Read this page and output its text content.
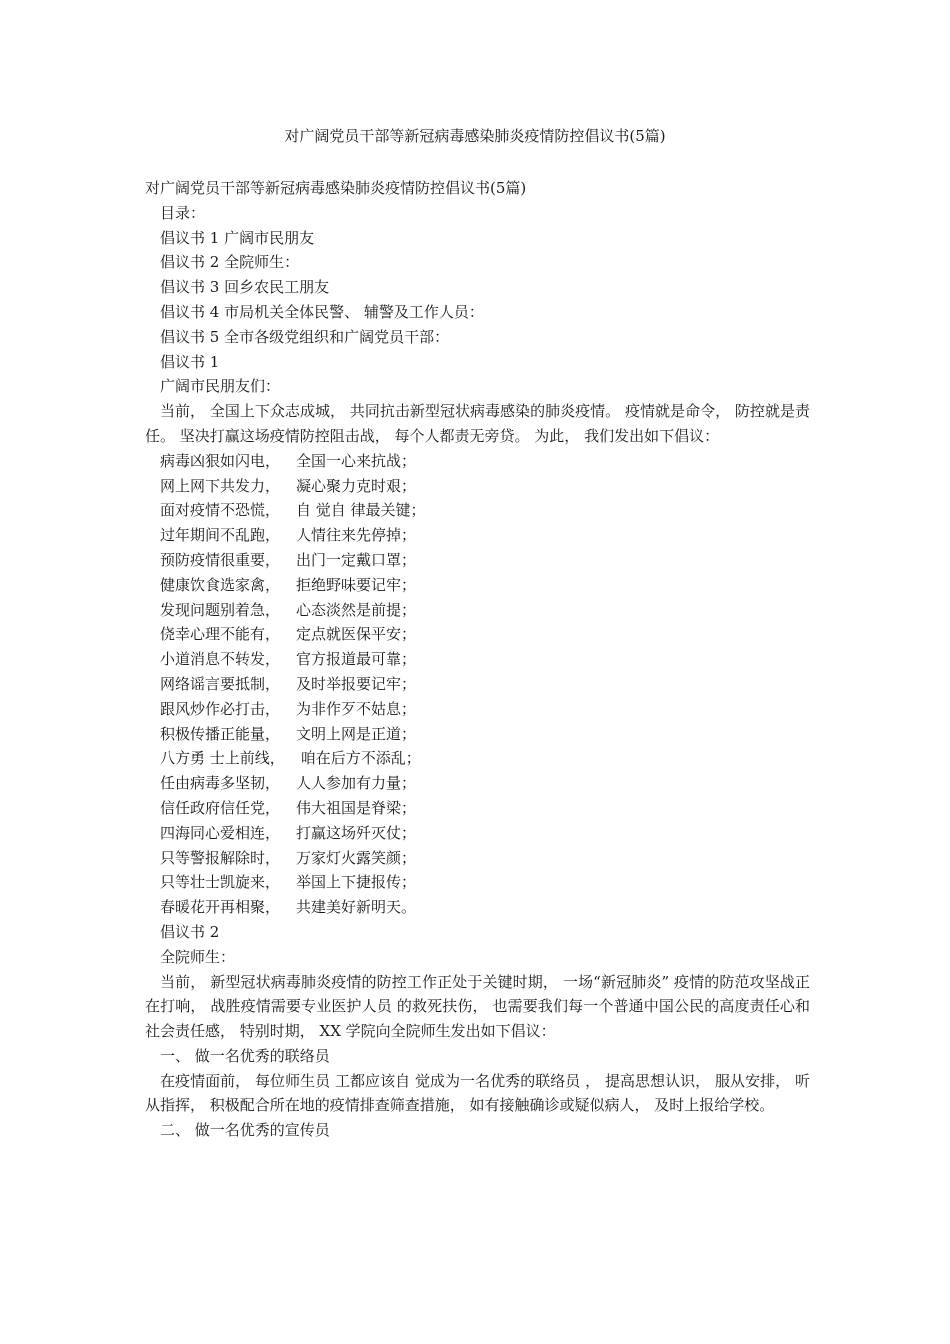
对广阔党员干部等新冠病毒感染肺炎疫情防控倡议书(5篇)
对广阔党员干部等新冠病毒感染肺炎疫情防控倡议书(5篇)
目录：
倡议书 1 广阔市民朋友
倡议书 2 全院师生：
倡议书 3 回乡农民工朋友
倡议书 4 市局机关全体民警、 辅警及工作人员：
倡议书 5 全市各级党组织和广阔党员干部：
倡议书 1
广阔市民朋友们：
当前， 全国上下众志成城， 共同抗击新型冠状病毒感染的肺炎疫情。 疫情就是命令， 防控就是责任。 坚决打赢这场疫情防控阻击战， 每个人都责无旁贷。 为此， 我们发出如下倡议：
病毒凶狠如闪电， 全国一心来抗战；
网上网下共发力， 凝心聚力克时艰；
面对疫情不恐慌， 自 觉自 律最关键；
过年期间不乱跑， 人情往来先停掉；
预防疫情很重要， 出门一定戴口罩；
健康饮食选家禽， 拒绝野味要记牢；
发现问题别着急， 心态淡然是前提；
侥幸心理不能有， 定点就医保平安；
小道消息不转发， 官方报道最可靠；
网络谣言要抵制， 及时举报要记牢；
跟风炒作必打击， 为非作歹不姑息；
积极传播正能量， 文明上网是正道；
八方勇 士上前线， 咱在后方不添乱；
任由病毒多坚韧， 人人参加有力量；
信任政府信任党， 伟大祖国是脊梁；
四海同心爱相连， 打赢这场歼灭仗；
只等警报解除时， 万家灯火露笑颜；
只等壮士凯旋来， 举国上下捷报传；
春暖花开再相聚， 共建美好新明天。
倡议书 2
全院师生：
当前， 新型冠状病毒肺炎疫情的防控工作正处于关键时期， 一场“新冠肺炎” 疫情的防范攻坚战正在打响， 战胜疫情需要专业医护人员 的救死扶伤， 也需要我们每一个普通中国公民的高度责任心和社会责任感， 特别时期， XX 学院向全院师生发出如下倡议：
一、 做一名优秀的联络员
在疫情面前， 每位师生员 工都应该自 觉成为一名优秀的联络员 ， 提高思想认识， 服从安排， 听从指挥， 积极配合所在地的疫情排查筛查措施， 如有接触确诊或疑似病人， 及时上报给学校。
二、 做一名优秀的宣传员
